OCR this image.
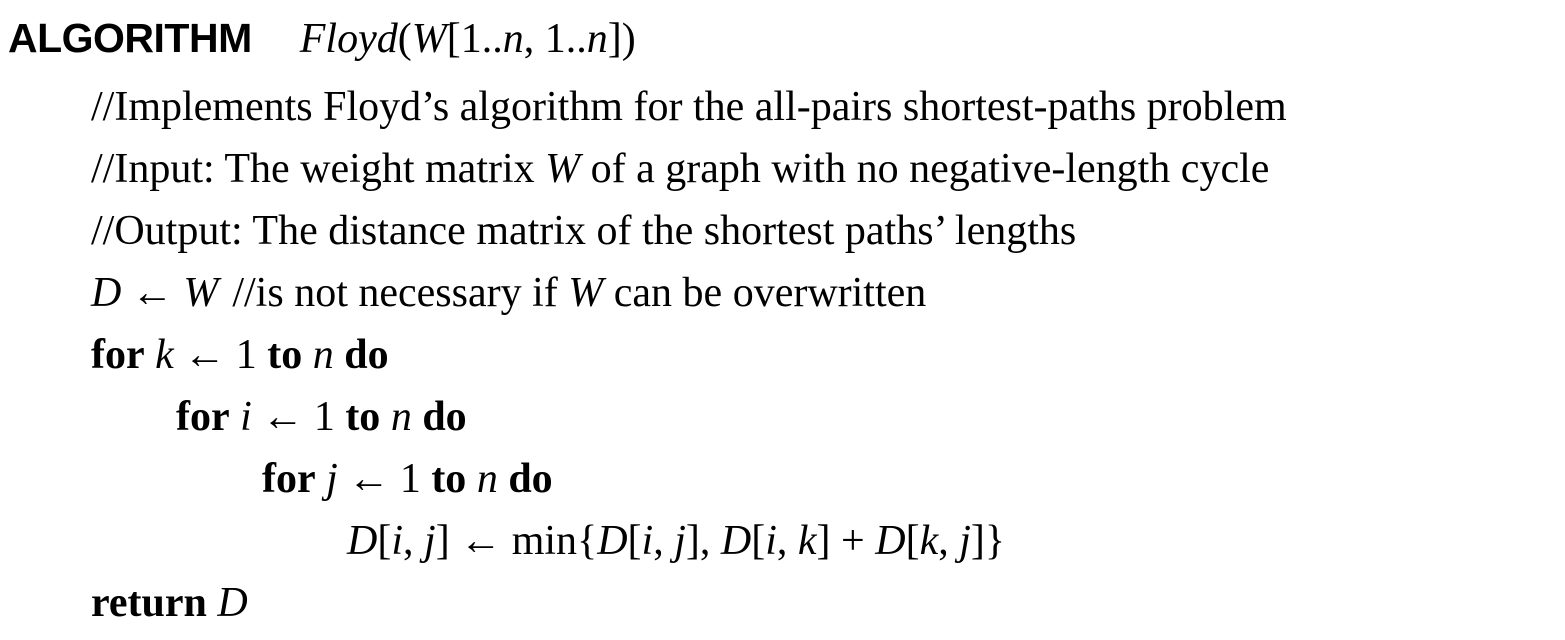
ALGORITHM Floyd(W[1..n, 1..n])
//Implements Floyd’s algorithm for the all-pairs shortest-paths problem
//Input: The weight matrix W of a graph with no negative-length cycle
//Output: The distance matrix of the shortest paths’ lengths
D ← W //is not necessary if W can be overwritten
for k ← 1 to n do
for i ← 1 to n do
for j ← 1 to n do
D[i, j] ← min{D[i, j], D[i, k] + D[k, j]}
return D
